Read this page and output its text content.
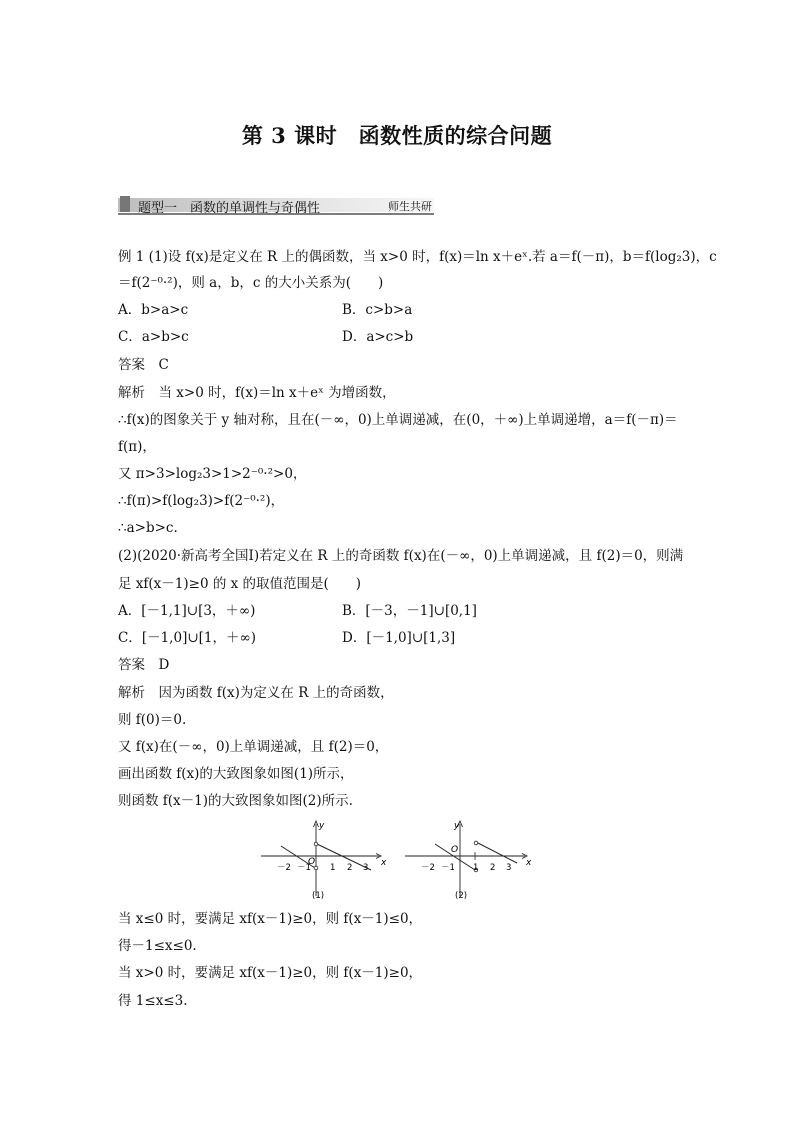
第 3 课时　函数性质的综合问题
题型一　函数的单调性与奇偶性	师生共研
例 1 (1)设 f(x)是定义在 R 上的偶函数，当 x>0 时，f(x)＝ln x＋eˣ.若 a＝f(－π)，b＝f(log₂3)，c
＝f(2⁻⁰·²)，则 a，b，c 的大小关系为(　　)
A．b>a>c	B．c>b>a
C．a>b>c	D．a>c>b
答案　C
解析　当 x>0 时，f(x)＝ln x＋eˣ 为增函数，
∴f(x)的图象关于 y 轴对称，且在(－∞，0)上单调递减，在(0，＋∞)上单调递增，a＝f(－π)＝
f(π)，
又 π>3>log₂3>1>2⁻⁰·²>0，
∴f(π)>f(log₂3)>f(2⁻⁰·²)，
∴a>b>c.
(2)(2020·新高考全国Ⅰ)若定义在 R 上的奇函数 f(x)在(－∞，0)上单调递减，且 f(2)＝0，则满
足 xf(x－1)≥0 的 x 的取值范围是(　　)
A．[－1,1]∪[3，＋∞)	B．[－3，－1]∪[0,1]
C．[－1,0]∪[1，＋∞)	D．[－1,0]∪[1,3]
答案　D
解析　因为函数 f(x)为定义在 R 上的奇函数，
则 f(0)＝0.
又 f(x)在(－∞，0)上单调递减，且 f(2)＝0，
画出函数 f(x)的大致图象如图(1)所示，
则函数 f(x－1)的大致图象如图(2)所示.
y
x
O
－2 －1 1 2 3
(1)
y
x
O
－2 －1 1 2 3
(2)
当 x≤0 时，要满足 xf(x－1)≥0，则 f(x－1)≤0，
得－1≤x≤0.
当 x>0 时，要满足 xf(x－1)≥0，则 f(x－1)≥0，
得 1≤x≤3.
